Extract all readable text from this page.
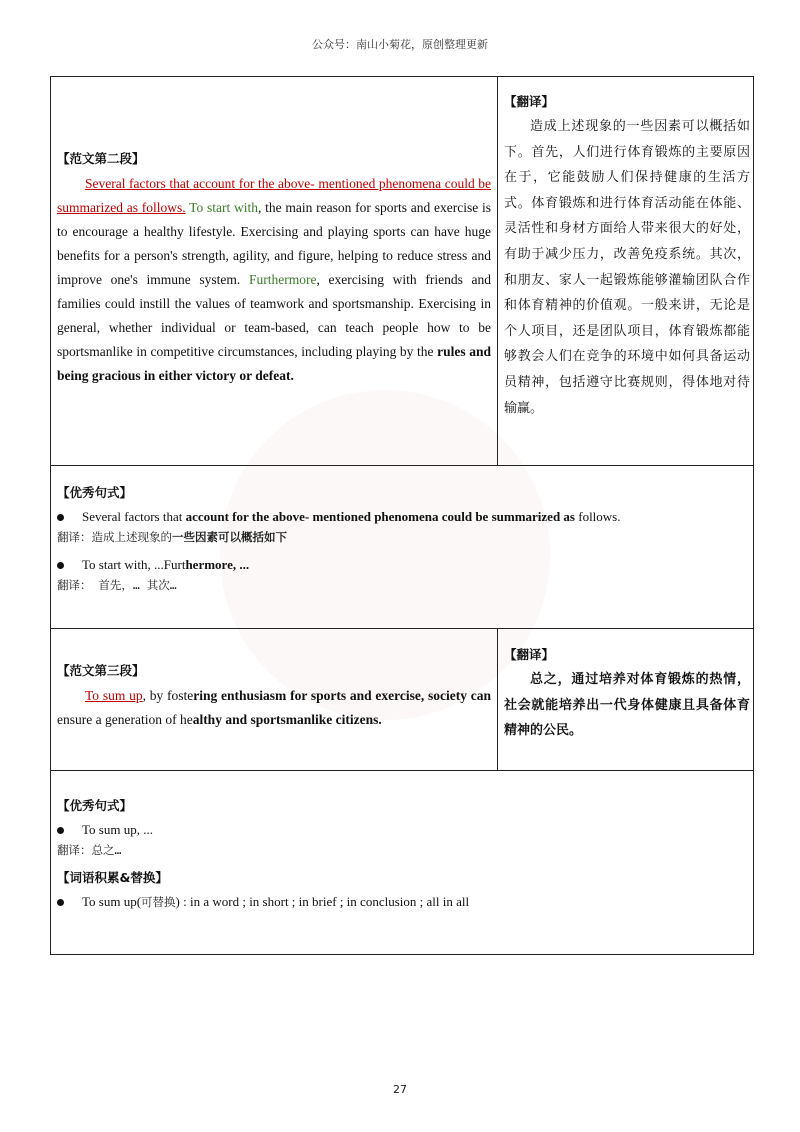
公众号：南山小菊花，原创整理更新
【范文第二段】

Several factors that account for the above- mentioned phenomena could be summarized as follows. To start with, the main reason for sports and exercise is to encourage a healthy lifestyle. Exercising and playing sports can have huge benefits for a person's strength, agility, and figure, helping to reduce stress and improve one's immune system. Furthermore, exercising with friends and families could instill the values of teamwork and sportsmanship. Exercising in general, whether individual or team-based, can teach people how to be sportsmanlike in competitive circumstances, including playing by the rules and being gracious in either victory or defeat.

【翻译】

造成上述现象的一些因素可以概括如下。首先，人们进行体育锻炼的主要原因在于，它能鼓励人们保持健康的生活方式。体育锻炼和进行体育活动能在体能、灵活性和身材方面给人带来很大的好处，有助于减少压力，改善免疫系统。其次，和朋友、家人一起锻炼能够灌输团队合作和体育精神的价值观。一般来讲，无论是个人项目，还是团队项目，体育锻炼都能够教会人们在竞争的环境中如何具备运动员精神，包括遵守比赛规则，得体地对待输赢。

【优秀句式】
Several factors that account for the above- mentioned phenomena could be summarized as follows.
翻译：造成上述现象的一些因素可以概括如下
To start with, ...Furthermore, ...
翻译： 首先，… 其次…
【范文第三段】

To sum up, by fostering enthusiasm for sports and exercise, society can ensure a generation of healthy and sportsmanlike citizens.

【翻译】

总之，通过培养对体育锻炼的热情，社会就能培养出一代身体健康且具备体育精神的公民。

【优秀句式】
To sum up, ...
翻译：总之…
【词语积累&替换】
To sum up(可替换) : in a word ; in short ; in brief ; in conclusion ; all in all
27
